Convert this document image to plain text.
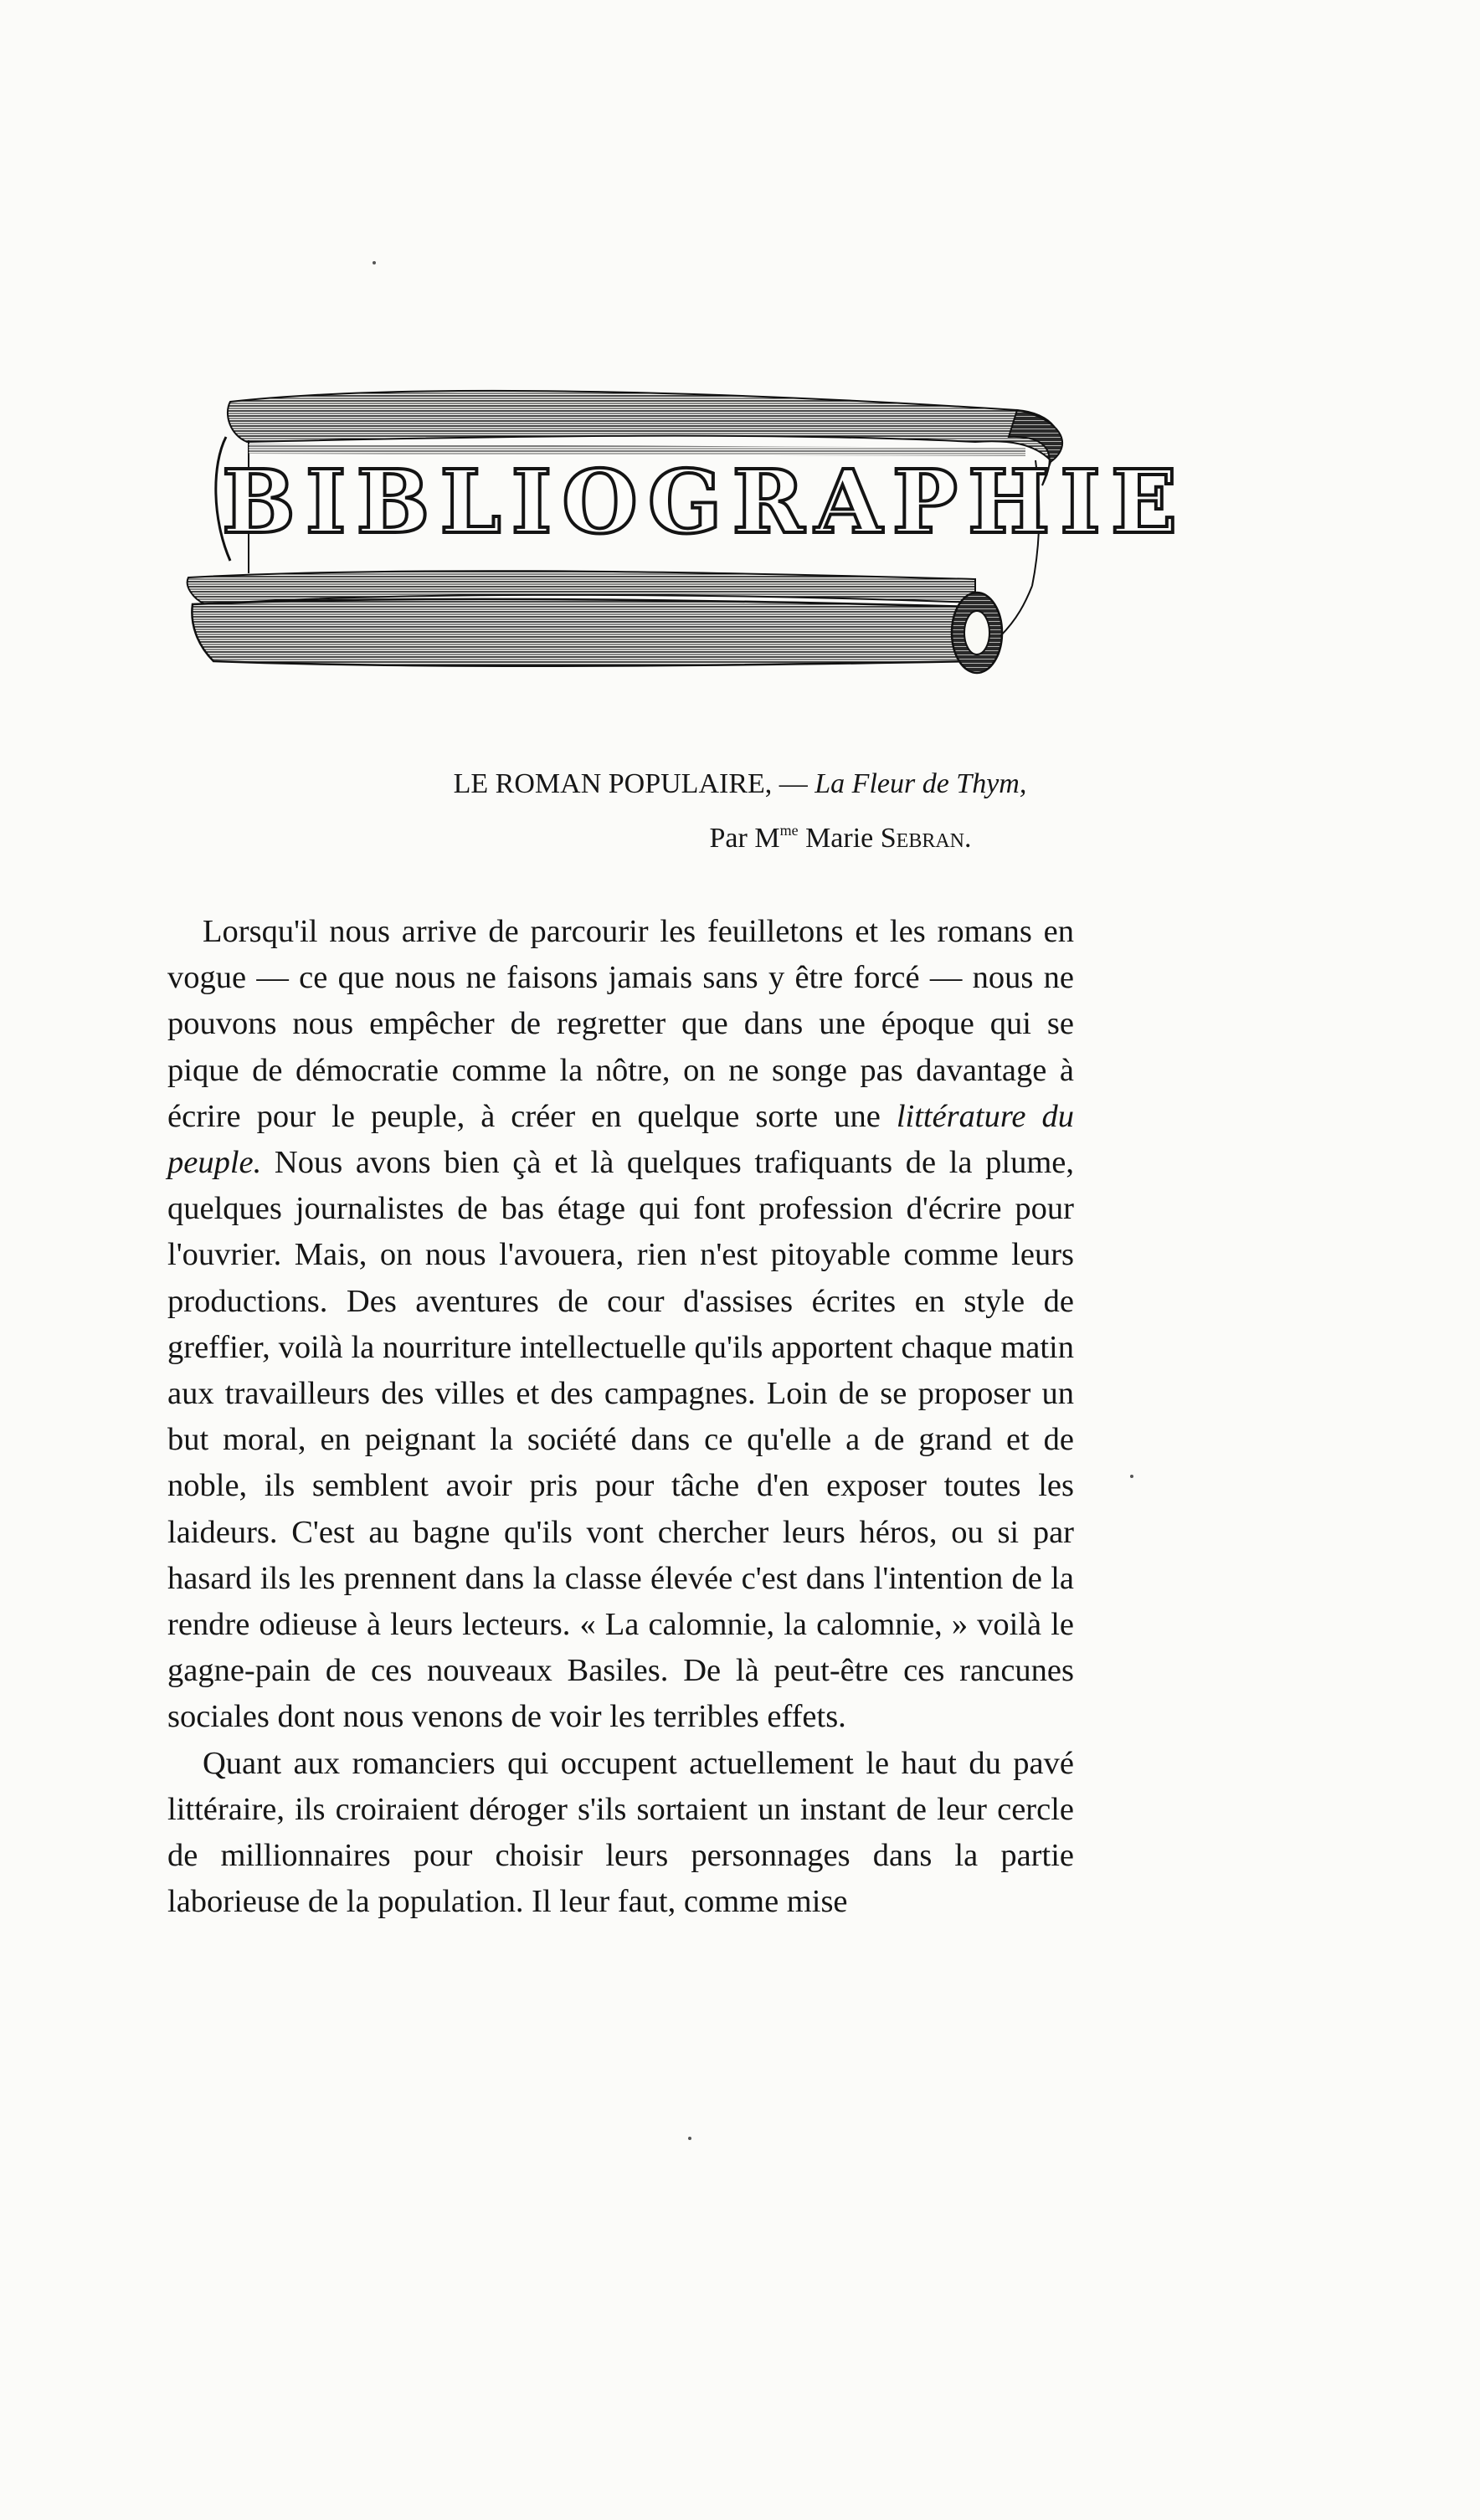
BIBLIOGRAPHIE

LE ROMAN POPULAIRE, — La Fleur de Thym,

Par $M^{me}$ Marie Sebran.

Lorsqu'il nous arrive de parcourir les feuilletons et les romans en vogue — ce que nous ne faisons jamais sans y être forcé — nous ne pouvons nous empêcher de regretter que dans une époque qui se pique de démocratie comme la nôtre, on ne songe pas davantage à écrire pour le peuple, à créer en quelque sorte une littérature du peuple. Nous avons bien çà et là quelques trafiquants de la plume, quelques journalistes de bas étage qui font profession d'écrire pour l'ouvrier. Mais, on nous l'avouera, rien n'est pitoyable comme leurs productions. Des aventures de cour d'assises écrites en style de greffier, voilà la nourriture intellectuelle qu'ils apportent chaque matin aux travailleurs des villes et des campagnes. Loin de se proposer un but moral, en peignant la société dans ce qu'elle a de grand et de noble, ils semblent avoir pris pour tâche d'en exposer toutes les laideurs. C'est au bagne qu'ils vont chercher leurs héros, ou si par hasard ils les prennent dans la classe élevée c'est dans l'intention de la rendre odieuse à leurs lecteurs. « La calomnie, la calomnie, » voilà le gagne-pain de ces nouveaux Basiles. De là peut-être ces rancunes sociales dont nous venons de voir les terribles effets.

Quant aux romanciers qui occupent actuellement le haut du pavé littéraire, ils croiraient déroger s'ils sortaient un instant de leur cercle de millionnaires pour choisir leurs personnages dans la partie laborieuse de la population. Il leur faut, comme mise
